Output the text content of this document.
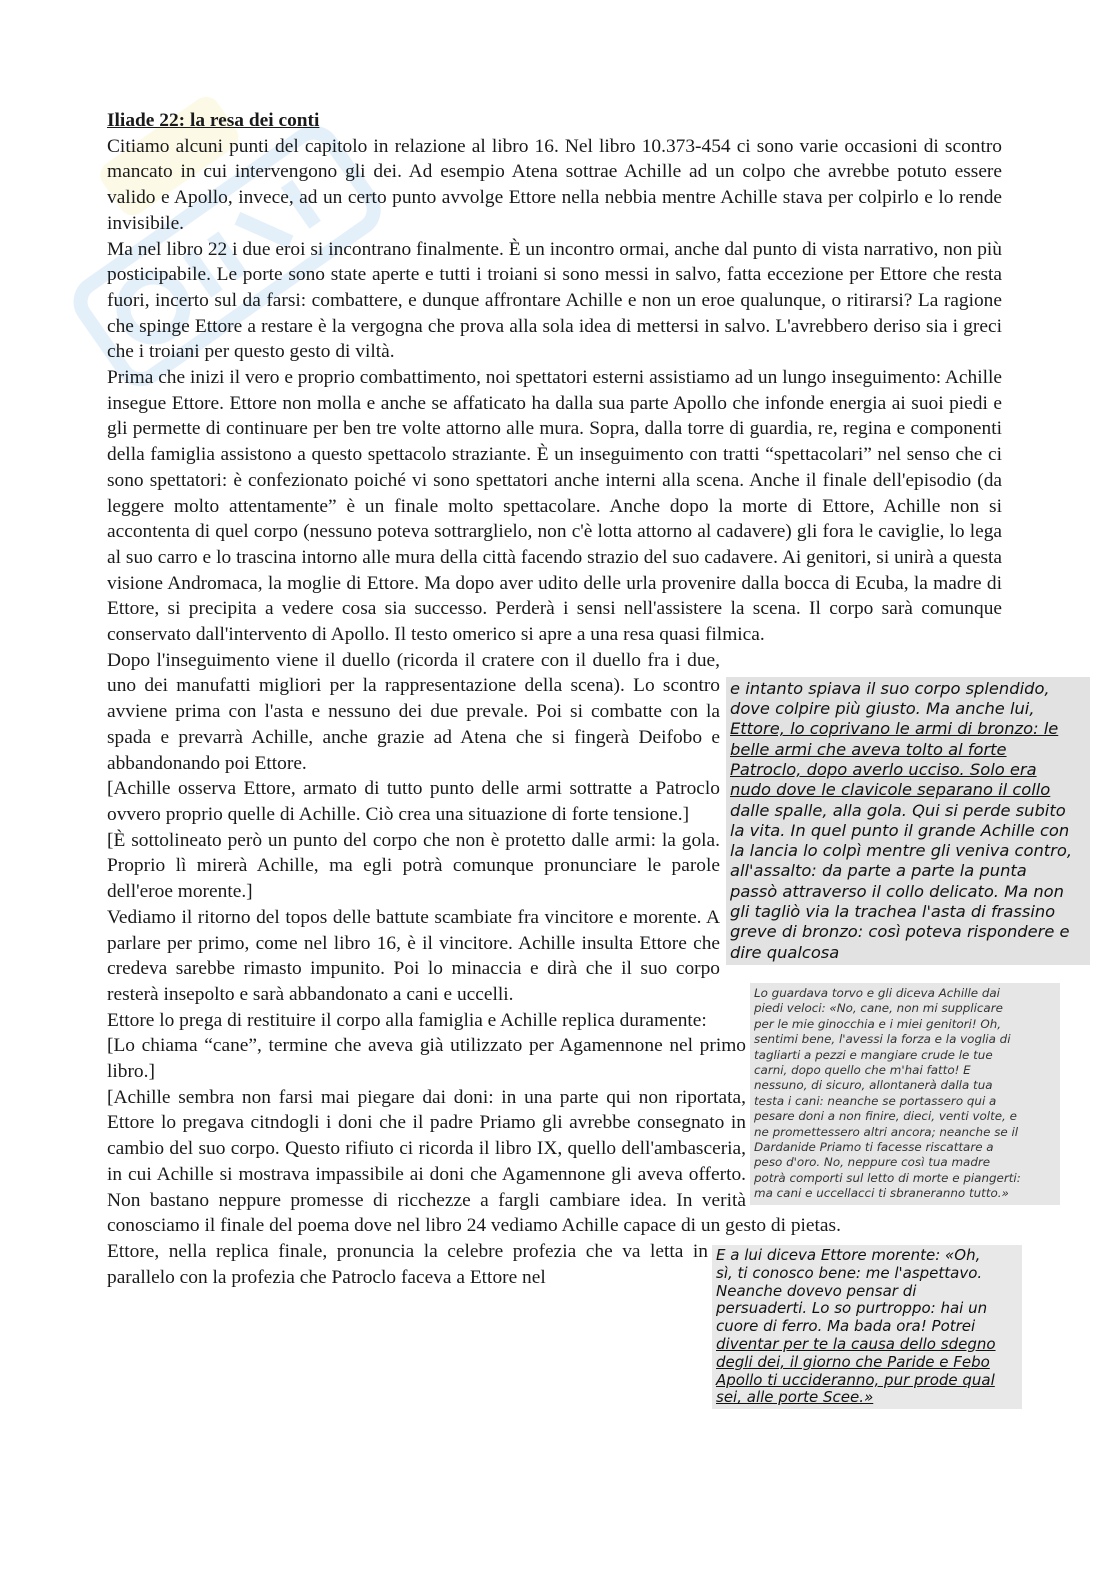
Iliade 22: la resa dei conti

Citiamo alcuni punti del capitolo in relazione al libro 16. Nel libro 10.373-454 ci sono varie occasioni di scontro mancato in cui intervengono gli dei. Ad esempio Atena sottrae Achille ad un colpo che avrebbe potuto essere valido e Apollo, invece, ad un certo punto avvolge Ettore nella nebbia mentre Achille stava per colpirlo e lo rende invisibile.

Ma nel libro 22 i due eroi si incontrano finalmente. È un incontro ormai, anche dal punto di vista narrativo, non più posticipabile. Le porte sono state aperte e tutti i troiani si sono messi in salvo, fatta eccezione per Ettore che resta fuori, incerto sul da farsi: combattere, e dunque affrontare Achille e non un eroe qualunque, o ritirarsi? La ragione che spinge Ettore a restare è la vergogna che prova alla sola idea di mettersi in salvo. L'avrebbero deriso sia i greci che i troiani per questo gesto di viltà.

Prima che inizi il vero e proprio combattimento, noi spettatori esterni assistiamo ad un lungo inseguimento: Achille insegue Ettore. Ettore non molla e anche se affaticato ha dalla sua parte Apollo che infonde energia ai suoi piedi e gli permette di continuare per ben tre volte attorno alle mura. Sopra, dalla torre di guardia, re, regina e componenti della famiglia assistono a questo spettacolo straziante. È un inseguimento con tratti “spettacolari” nel senso che ci sono spettatori: è confezionato poiché vi sono spettatori anche interni alla scena. Anche il finale dell'episodio (da leggere molto attentamente” è un finale molto spettacolare. Anche dopo la morte di Ettore, Achille non si accontenta di quel corpo (nessuno poteva sottrarglielo, non c'è lotta attorno al cadavere) gli fora le caviglie, lo lega al suo carro e lo trascina intorno alle mura della città facendo strazio del suo cadavere. Ai genitori, si unirà a questa visione Andromaca, la moglie di Ettore. Ma dopo aver udito delle urla provenire dalla bocca di Ecuba, la madre di Ettore, si precipita a vedere cosa sia successo. Perderà i sensi nell'assistere la scena. Il corpo sarà comunque conservato dall'intervento di Apollo. Il testo omerico si apre a una resa quasi filmica.

e intanto spiava il suo corpo splendido,
dove colpire più giusto. Ma anche lui,
Ettore, lo coprivano le armi di bronzo: le
belle armi che aveva tolto al forte
Patroclo, dopo averlo ucciso. Solo era
nudo dove le clavicole separano il collo
dalle spalle, alla gola. Qui si perde subito
la vita. In quel punto il grande Achille con
la lancia lo colpì mentre gli veniva contro,
all'assalto: da parte a parte la punta
passò attraverso il collo delicato. Ma non
gli tagliò via la trachea l'asta di frassino
greve di bronzo: così poteva rispondere e
dire qualcosa

Dopo l'inseguimento viene il duello (ricorda il cratere con il duello fra i due, uno dei manufatti migliori per la rappresentazione della scena). Lo scontro avviene prima con l'asta e nessuno dei due prevale. Poi si combatte con la spada e prevarrà Achille, anche grazie ad Atena che si fingerà Deifobo e abbandonando poi Ettore.

[Achille osserva Ettore, armato di tutto punto delle armi sottratte a Patroclo ovvero proprio quelle di Achille. Ciò crea una situazione di forte tensione.]

[È sottolineato però un punto del corpo che non è protetto dalle armi: la gola. Proprio lì mirerà Achille, ma egli potrà comunque pronunciare le parole dell'eroe morente.]

Lo guardava torvo e gli diceva Achille dai
piedi veloci: «No, cane, non mi supplicare
per le mie ginocchia e i miei genitori! Oh,
sentimi bene, l'avessi la forza e la voglia di
tagliarti a pezzi e mangiare crude le tue
carni, dopo quello che m'hai fatto! E
nessuno, di sicuro, allontanerà dalla tua
testa i cani: neanche se portassero qui a
pesare doni a non finire, dieci, venti volte, e
ne promettessero altri ancora; neanche se il
Dardanide Priamo ti facesse riscattare a
peso d'oro. No, neppure così tua madre
potrà comporti sul letto di morte e piangerti:
ma cani e uccellacci ti sbraneranno tutto.»

Vediamo il ritorno del topos delle battute scambiate fra vincitore e morente. A parlare per primo, come nel libro 16, è il vincitore. Achille insulta Ettore che credeva sarebbe rimasto impunito. Poi lo minaccia e dirà che il suo corpo resterà insepolto e sarà abbandonato a cani e uccelli.

Ettore lo prega di restituire il corpo alla famiglia e Achille replica duramente:

[Lo chiama “cane”, termine che aveva già utilizzato per Agamennone nel primo libro.]

[Achille sembra non farsi mai piegare dai doni: in una parte qui non riportata, Ettore lo pregava citndogli i doni che il padre Priamo gli avrebbe consegnato in cambio del suo corpo. Questo rifiuto ci ricorda il libro IX, quello dell'ambasceria, in cui Achille si mostrava impassibile ai doni che Agamennone gli aveva offerto. Non bastano neppure promesse di ricchezze a fargli cambiare idea. In verità conosciamo il finale del poema dove nel libro 24 vediamo Achille capace di un gesto di pietas.

E a lui diceva Ettore morente: «Oh,
sì, ti conosco bene: me l'aspettavo.
Neanche dovevo pensar di
persuaderti. Lo so purtroppo: hai un
cuore di ferro. Ma bada ora! Potrei
diventar per te la causa dello sdegno
degli dei, il giorno che Paride e Febo
Apollo ti uccideranno, pur prode qual
sei, alle porte Scee.»

Ettore, nella replica finale, pronuncia la celebre profezia che va letta in parallelo con la profezia che Patroclo faceva a Ettore nel
